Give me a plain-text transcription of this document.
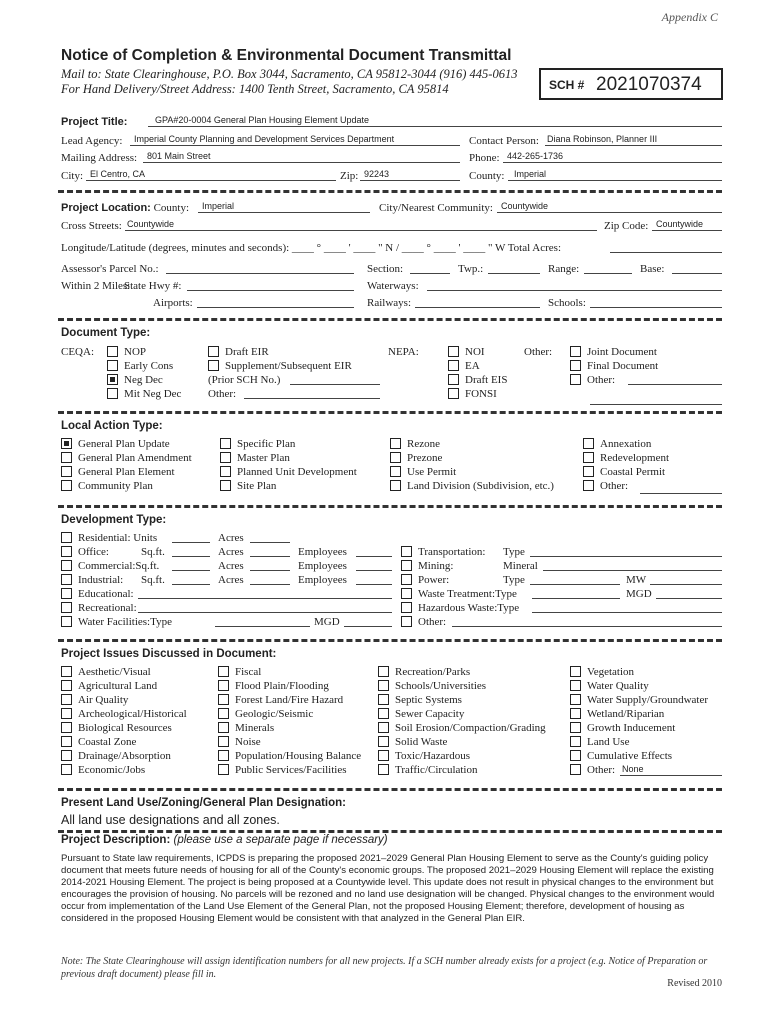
Appendix C
Notice of Completion & Environmental Document Transmittal
Mail to: State Clearinghouse, P.O. Box 3044, Sacramento, CA 95812-3044 (916) 445-0613
For Hand Delivery/Street Address: 1400 Tenth Street, Sacramento, CA 95814	SCH # 2021070374
Project Title:	GPA#20-0004 General Plan Housing Element Update
Lead Agency:	Imperial County Planning and Development Services Department	Contact Person: Diana Robinson, Planner III
Mailing Address:	801 Main Street	Phone: 442-265-1736
City: El Centro, CA	Zip: 92243	County:	Imperial
Project Location: County:	Imperial	City/Nearest Community: Countywide
Cross Streets: Countywide	Zip Code: Countywide
Longitude/Latitude (degrees, minutes and seconds): ____ ° ____ ' ____ " N / ____ ° ____ ' ____ " W Total Acres:
Assessor's Parcel No.:	Section:	Twp.:	Range:	Base:
Within 2 Miles:
State Hwy #:	Waterways:
Airports:	Railways:	Schools:
Document Type:
CEQA:	NOP
Early Cons
Neg Dec
Mit Neg Dec
Draft EIR
Supplement/Subsequent EIR
(Prior SCH No.)
Other:
NEPA:	NOI
EA
Draft EIS
FONSI
Other:	Joint Document
Final Document
Other:
Local Action Type:
General Plan Update
General Plan Amendment
General Plan Element
Community Plan
Specific Plan
Master Plan
Planned Unit Development
Site Plan
Rezone
Prezone
Use Permit
Land Division (Subdivision, etc.)
Annexation
Redevelopment
Coastal Permit
Other:
Development Type:
Residential: Units	Acres
Office:	Sq.ft.	Acres	Employees
Commercial:Sq.ft.	Acres	Employees
Industrial: Sq.ft.	Acres	Employees
Educational:
Recreational:
Water Facilities:Type	MGD
Transportation: Type
Mining:	Mineral
Power:	Type	MW
Waste Treatment:Type	MGD
Hazardous Waste:Type
Other:
Project Issues Discussed in Document:
Aesthetic/Visual
Agricultural Land
Air Quality
Archeological/Historical
Biological Resources
Coastal Zone
Drainage/Absorption
Economic/Jobs
Fiscal
Flood Plain/Flooding
Forest Land/Fire Hazard
Geologic/Seismic
Minerals
Noise
Population/Housing Balance
Public Services/Facilities
Recreation/Parks
Schools/Universities
Septic Systems
Sewer Capacity
Soil Erosion/Compaction/Grading
Solid Waste
Toxic/Hazardous
Traffic/Circulation
Vegetation
Water Quality
Water Supply/Groundwater
Wetland/Riparian
Growth Inducement
Land Use
Cumulative Effects
Other: None
Present Land Use/Zoning/General Plan Designation:
All land use designations and all zones.
Project Description: (please use a separate page if necessary)
Pursuant to State law requirements, ICPDS is preparing the proposed 2021–2029 General Plan Housing Element to serve as the County's guiding policy document that meets future needs of housing for all of the County's economic groups. The proposed 2021–2029 Housing Element will replace the existing 2014-2021 Housing Element. The project is being proposed at a Countywide level. This update does not result in physical changes to the environment but encourages the provision of housing. No parcels will be rezoned and no land use designation will be changed. Physical changes to the environment would occur from implementation of the Land Use Element of the General Plan, not the proposed Housing Element; therefore, development of housing as considered in the proposed Housing Element would be consistent with that analyzed in the General Plan EIR.
Note: The State Clearinghouse will assign identification numbers for all new projects. If a SCH number already exists for a project (e.g. Notice of Preparation or previous draft document) please fill in.
Revised 2010
